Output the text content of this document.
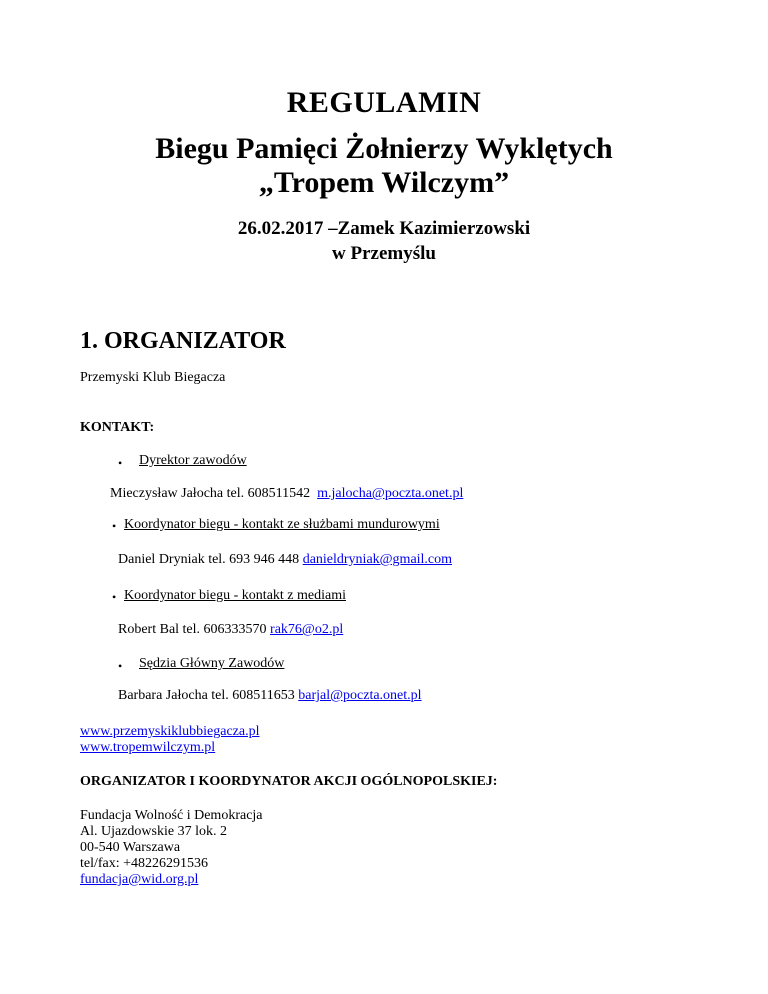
REGULAMIN
Biegu Pamięci Żołnierzy Wyklętych
„Tropem Wilczym”
26.02.2017 –Zamek Kazimierzowski
w Przemyślu
1. ORGANIZATOR
Przemyski Klub Biegacza
KONTAKT:
• Dyrektor zawodów
Mieczysław Jałocha tel. 608511542 m.jalocha@poczta.onet.pl
• Koordynator biegu - kontakt ze służbami mundurowymi
Daniel Dryniak tel. 693 946 448 danieldryniak@gmail.com
• Koordynator biegu - kontakt z mediami
Robert Bal tel. 606333570 rak76@o2.pl
• Sędzia Główny Zawodów
Barbara Jałocha tel. 608511653 barjal@poczta.onet.pl
www.przemyskiklubbiegacza.pl
www.tropemwilczym.pl
ORGANIZATOR I KOORDYNATOR AKCJI OGÓLNOPOLSKIEJ:
Fundacja Wolność i Demokracja
Al. Ujazdowskie 37 lok. 2
00-540 Warszawa
tel/fax: +48226291536
fundacja@wid.org.pl
